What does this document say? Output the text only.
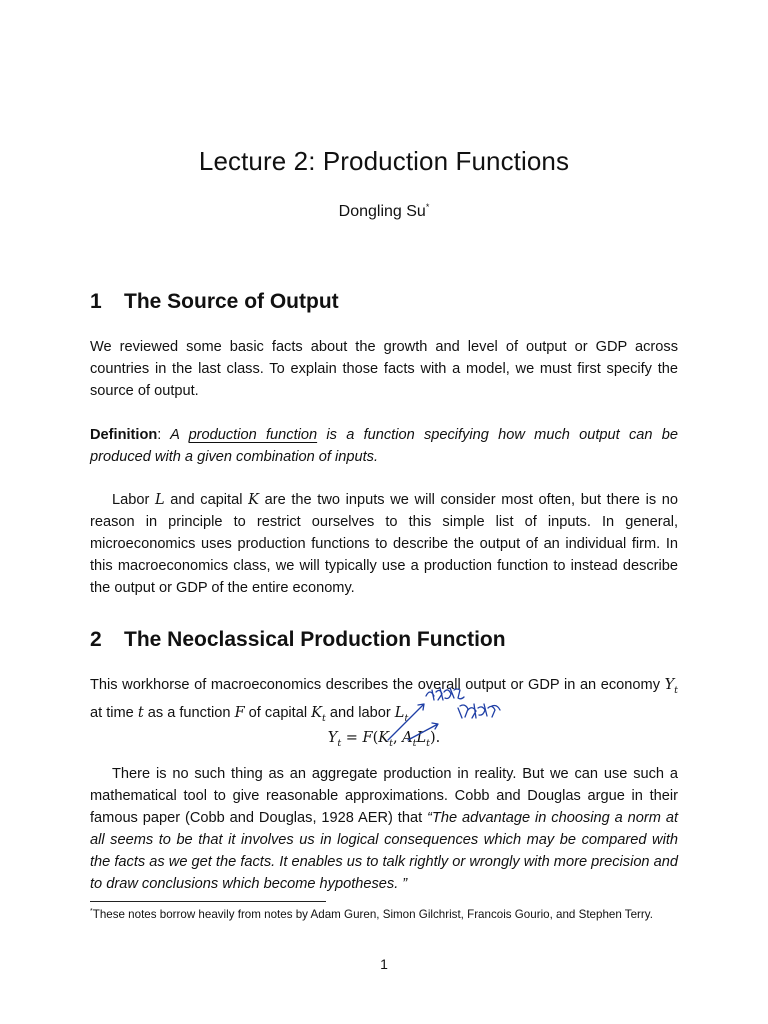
Lecture 2: Production Functions

Dongling Su*

1 The Source of Output

We reviewed some basic facts about the growth and level of output or GDP across countries in the last class. To explain those facts with a model, we must first specify the source of output.

Definition: A production function is a function specifying how much output can be produced with a given combination of inputs.

Labor L and capital K are the two inputs we will consider most often, but there is no reason in principle to restrict ourselves to this simple list of inputs. In general, microeconomics uses production functions to describe the output of an individual firm. In this macroeconomics class, we will typically use a production function to instead describe the output or GDP of the entire economy.

2 The Neoclassical Production Function

This workhorse of macroeconomics describes the overall output or GDP in an economy $Y_t$ at time t as a function F of capital $K_t$ and labor $L_t$

$Y_t = F(K_t$, $A_tL_t$).

There is no such thing as an aggregate production in reality. But we can use such a mathematical tool to give reasonable approximations. Cobb and Douglas argue in their famous paper (Cobb and Douglas, 1928 AER) that “The advantage in choosing a norm at all seems to be that it involves us in logical consequences which may be compared with the facts as we get the facts. It enables us to talk rightly or wrongly with more precision and to draw conclusions which become hypotheses. ”

*These notes borrow heavily from notes by Adam Guren, Simon Gilchrist, Francois Gourio, and Stephen Terry.

1
